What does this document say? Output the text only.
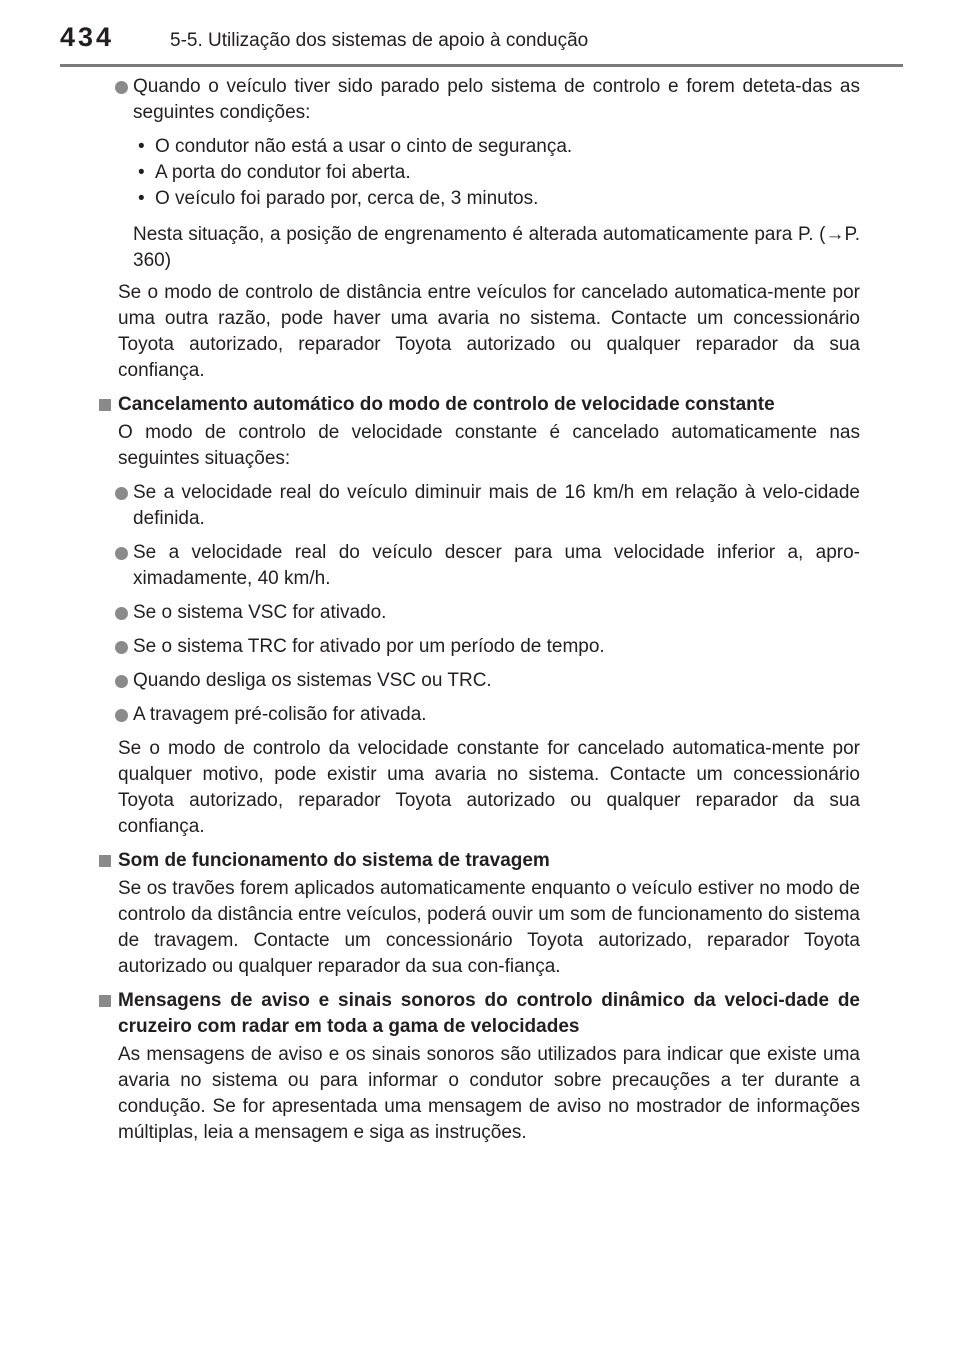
434	5-5. Utilização dos sistemas de apoio à condução
Quando o veículo tiver sido parado pelo sistema de controlo e forem deteta-das as seguintes condições:
• O condutor não está a usar o cinto de segurança.
• A porta do condutor foi aberta.
• O veículo foi parado por, cerca de, 3 minutos.
Nesta situação, a posição de engrenamento é alterada automaticamente para P. (→P. 360)
Se o modo de controlo de distância entre veículos for cancelado automatica-mente por uma outra razão, pode haver uma avaria no sistema. Contacte um concessionário Toyota autorizado, reparador Toyota autorizado ou qualquer reparador da sua confiança.
Cancelamento automático do modo de controlo de velocidade constante
O modo de controlo de velocidade constante é cancelado automaticamente nas seguintes situações:
Se a velocidade real do veículo diminuir mais de 16 km/h em relação à velo-cidade definida.
Se a velocidade real do veículo descer para uma velocidade inferior a, apro-ximadamente, 40 km/h.
Se o sistema VSC for ativado.
Se o sistema TRC for ativado por um período de tempo.
Quando desliga os sistemas VSC ou TRC.
A travagem pré-colisão for ativada.
Se o modo de controlo da velocidade constante for cancelado automatica-mente por qualquer motivo, pode existir uma avaria no sistema. Contacte um concessionário Toyota autorizado, reparador Toyota autorizado ou qualquer reparador da sua confiança.
Som de funcionamento do sistema de travagem
Se os travões forem aplicados automaticamente enquanto o veículo estiver no modo de controlo da distância entre veículos, poderá ouvir um som de funcionamento do sistema de travagem. Contacte um concessionário Toyota autorizado, reparador Toyota autorizado ou qualquer reparador da sua con-fiança.
Mensagens de aviso e sinais sonoros do controlo dinâmico da veloci-dade de cruzeiro com radar em toda a gama de velocidades
As mensagens de aviso e os sinais sonoros são utilizados para indicar que existe uma avaria no sistema ou para informar o condutor sobre precauções a ter durante a condução. Se for apresentada uma mensagem de aviso no mostrador de informações múltiplas, leia a mensagem e siga as instruções.
